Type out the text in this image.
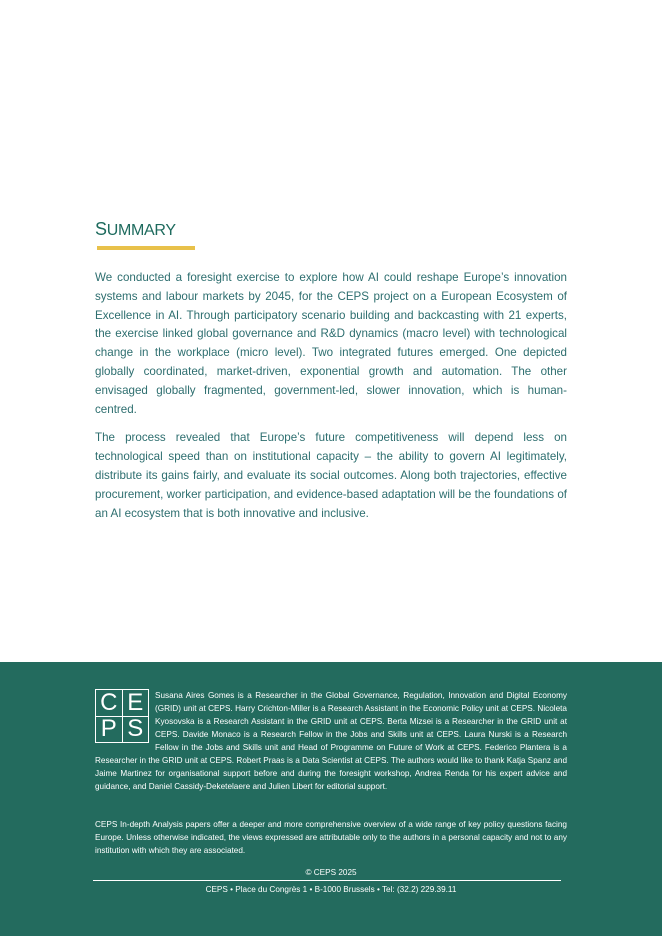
SUMMARY

We conducted a foresight exercise to explore how AI could reshape Europe’s innovation systems and labour markets by 2045, for the CEPS project on a European Ecosystem of Excellence in AI. Through participatory scenario building and backcasting with 21 experts, the exercise linked global governance and R&D dynamics (macro level) with technological change in the workplace (micro level). Two integrated futures emerged. One depicted globally coordinated, market-driven, exponential growth and automation. The other envisaged globally fragmented, government-led, slower innovation, which is human-centred.

The process revealed that Europe’s future competitiveness will depend less on technological speed than on institutional capacity – the ability to govern AI legitimately, distribute its gains fairly, and evaluate its social outcomes. Along both trajectories, effective procurement, worker participation, and evidence-based adaptation will be the foundations of an AI ecosystem that is both innovative and inclusive.

C E
P S
Susana Aires Gomes is a Researcher in the Global Governance, Regulation, Innovation and Digital Economy (GRID) unit at CEPS. Harry Crichton-Miller is a Research Assistant in the Economic Policy unit at CEPS. Nicoleta Kyosovska is a Research Assistant in the GRID unit at CEPS. Berta Mizsei is a Researcher in the GRID unit at CEPS. Davide Monaco is a Research Fellow in the Jobs and Skills unit at CEPS. Laura Nurski is a Research Fellow in the Jobs and Skills unit and Head of Programme on Future of Work at CEPS. Federico Plantera is a Researcher in the GRID unit at CEPS. Robert Praas is a Data Scientist at CEPS. The authors would like to thank Katja Spanz and Jaime Martinez for organisational support before and during the foresight workshop, Andrea Renda for his expert advice and guidance, and Daniel Cassidy-Deketelaere and Julien Libert for editorial support.

CEPS In-depth Analysis papers offer a deeper and more comprehensive overview of a wide range of key policy questions facing Europe. Unless otherwise indicated, the views expressed are attributable only to the authors in a personal capacity and not to any institution with which they are associated.

© CEPS 2025

CEPS • Place du Congrès 1 • B-1000 Brussels • Tel: (32.2) 229.39.11
